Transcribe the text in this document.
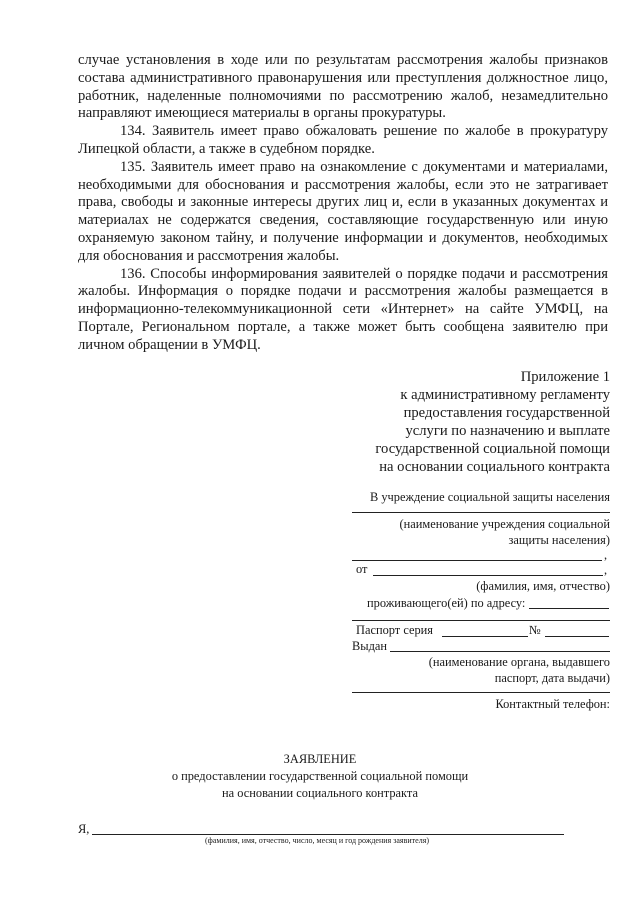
случае установления в ходе или по результатам рассмотрения жалобы признаков состава административного правонарушения или преступления должностное лицо, работник, наделенные полномочиями по рассмотрению жалоб, незамедлительно направляют имеющиеся материалы в органы прокуратуры.

134. Заявитель имеет право обжаловать решение по жалобе в прокуратуру Липецкой области, а также в судебном порядке.

135. Заявитель имеет право на ознакомление с документами и материалами, необходимыми для обоснования и рассмотрения жалобы, если это не затрагивает права, свободы и законные интересы других лиц и, если в указанных документах и материалах не содержатся сведения, составляющие государственную или иную охраняемую законом тайну, и получение информации и документов, необходимых для обоснования и рассмотрения жалобы.

136. Способы информирования заявителей о порядке подачи и рассмотрения жалобы. Информация о порядке подачи и рассмотрения жалобы размещается в информационно-телекоммуникационной сети «Интернет» на сайте УМФЦ, на Портале, Региональном портале, а также может быть сообщена заявителю при личном обращении в УМФЦ.

Приложение 1
к административному регламенту
предоставления государственной
услуги по назначению и выплате
государственной социальной помощи
на основании социального контракта
В учреждение социальной защиты населения
(наименование учреждения социальной
защиты населения)
,
от	,
(фамилия, имя, отчество)
проживающего(ей) по адресу:
Паспорт серия	№
Выдан
(наименование органа, выдавшего
паспорт, дата выдачи)
Контактный телефон:
ЗАЯВЛЕНИЕ
о предоставлении государственной социальной помощи
на основании социального контракта
Я,
(фамилия, имя, отчество, число, месяц и год рождения заявителя)
